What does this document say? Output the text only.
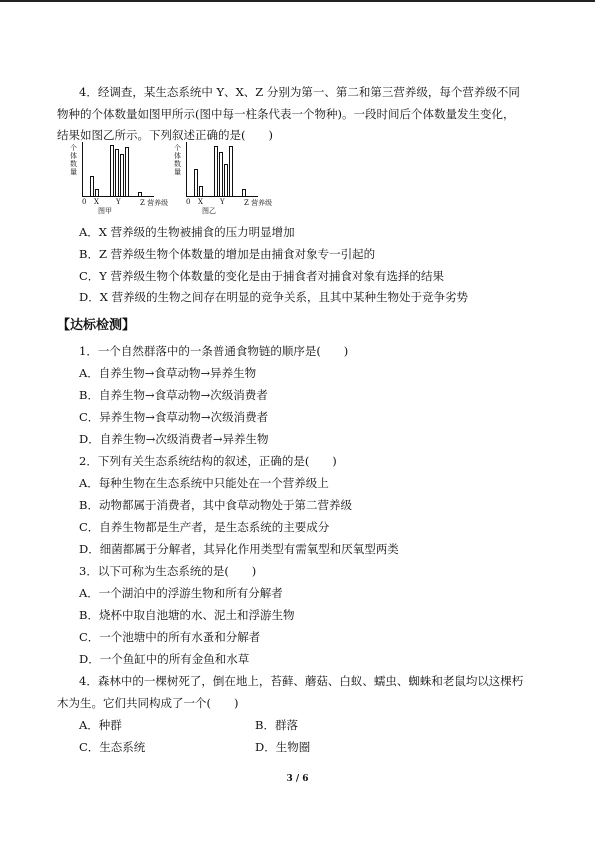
4．经调查，某生态系统中 Y、X、Z 分别为第一、第二和第三营养级，每个营养级不同
物种的个体数量如图甲所示(图中每一柱条代表一个物种)。一段时间后个体数量发生变化，
结果如图乙所示。下列叙述正确的是(　　)
个体数量
0 X Y	Z 营养级
图甲
个体数量
0 X Y	Z 营养级
图乙
A．X 营养级的生物被捕食的压力明显增加
B．Z 营养级生物个体数量的增加是由捕食对象专一引起的
C．Y 营养级生物个体数量的变化是由于捕食者对捕食对象有选择的结果
D．X 营养级的生物之间存在明显的竞争关系，且其中某种生物处于竞争劣势
【达标检测】
1．一个自然群落中的一条普通食物链的顺序是(　　)
A．自养生物→食草动物→异养生物
B．自养生物→食草动物→次级消费者
C．异养生物→食草动物→次级消费者
D．自养生物→次级消费者→异养生物
2．下列有关生态系统结构的叙述，正确的是(　　)
A．每种生物在生态系统中只能处在一个营养级上
B．动物都属于消费者，其中食草动物处于第二营养级
C．自养生物都是生产者，是生态系统的主要成分
D．细菌都属于分解者，其异化作用类型有需氧型和厌氧型两类
3．以下可称为生态系统的是(　　)
A．一个湖泊中的浮游生物和所有分解者
B．烧杯中取自池塘的水、泥土和浮游生物
C．一个池塘中的所有水蚤和分解者
D．一个鱼缸中的所有金鱼和水草
4．森林中的一棵树死了，倒在地上，苔藓、蘑菇、白蚁、蠕虫、蜘蛛和老鼠均以这棵朽
木为生。它们共同构成了一个(　　)
A．种群	B．群落
C．生态系统	D．生物圈
3 / 6
